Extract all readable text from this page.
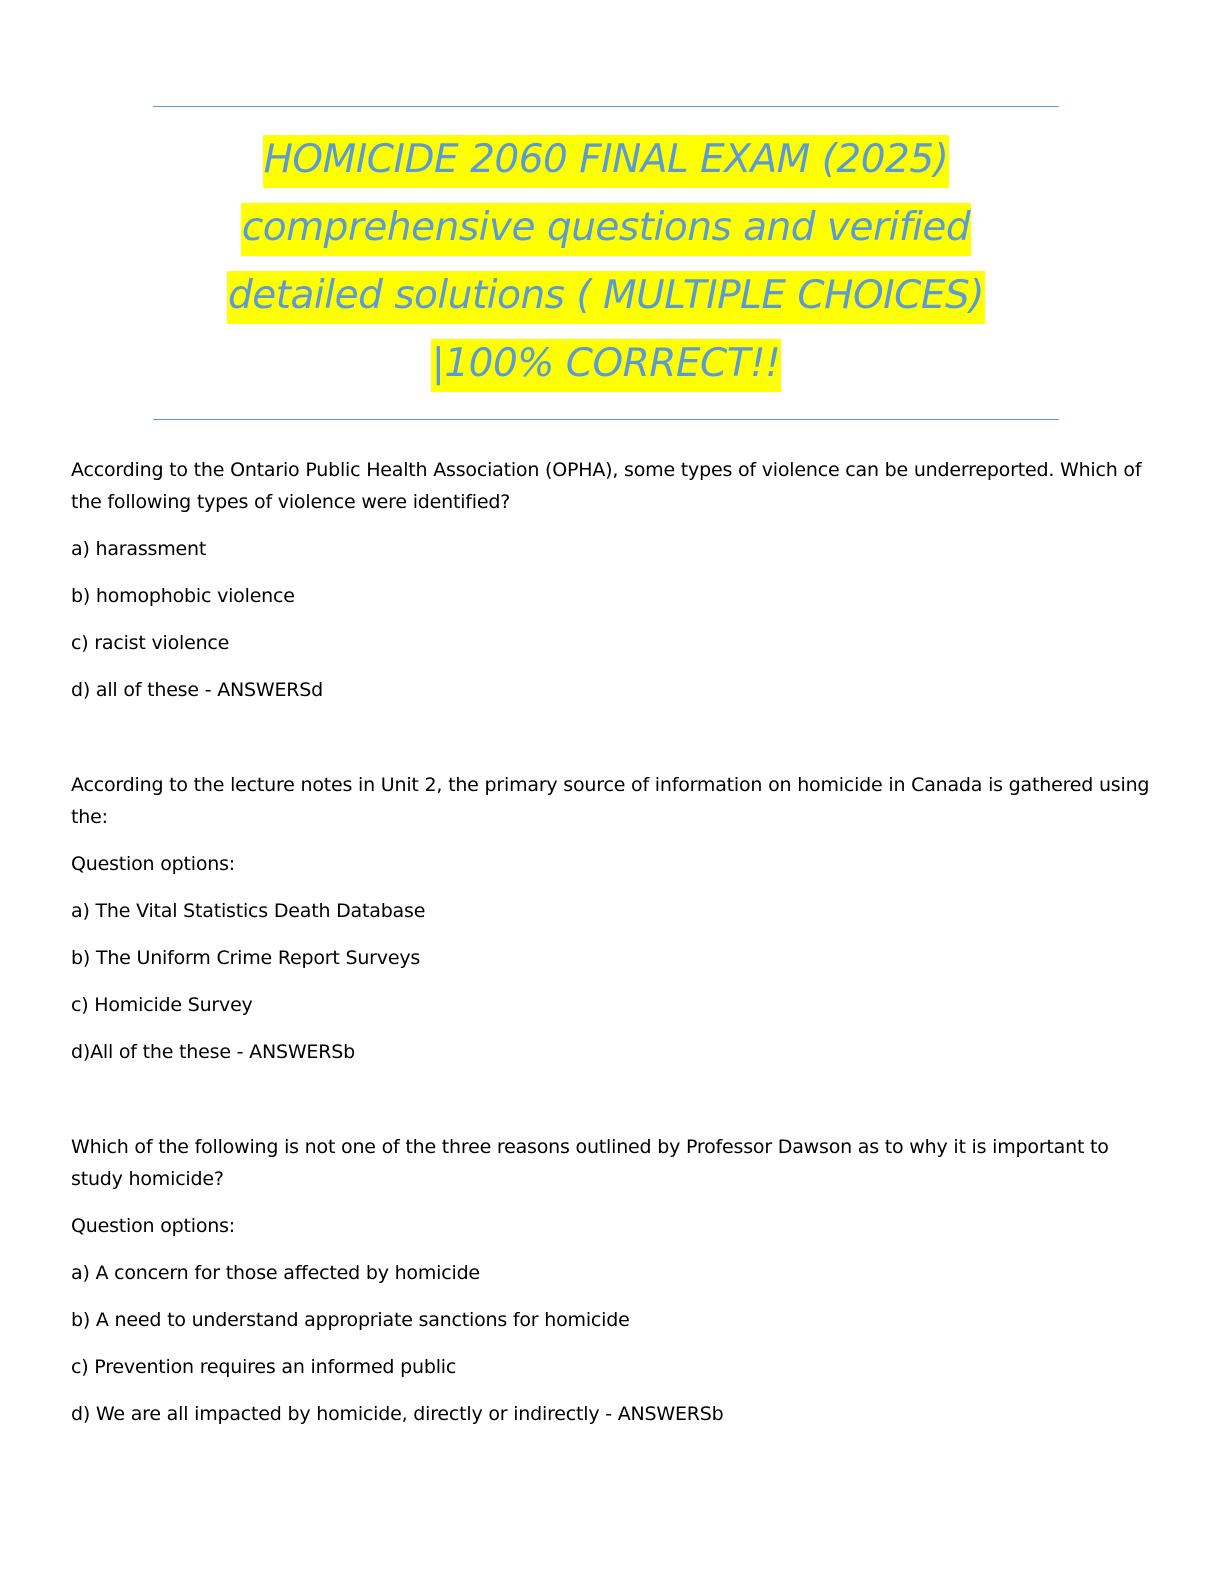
HOMICIDE 2060 FINAL EXAM (2025)
comprehensive questions and verified
detailed solutions ( MULTIPLE CHOICES)
|100% CORRECT!!

According to the Ontario Public Health Association (OPHA), some types of violence can be underreported. Which of the following types of violence were identified?

a) harassment

b) homophobic violence

c) racist violence

d) all of these - ANSWERSd

According to the lecture notes in Unit 2, the primary source of information on homicide in Canada is gathered using the:

Question options:

a) The Vital Statistics Death Database

b) The Uniform Crime Report Surveys

c) Homicide Survey

d)All of the these - ANSWERSb

Which of the following is not one of the three reasons outlined by Professor Dawson as to why it is important to study homicide?

Question options:

a) A concern for those affected by homicide

b) A need to understand appropriate sanctions for homicide

c) Prevention requires an informed public

d) We are all impacted by homicide, directly or indirectly - ANSWERSb
